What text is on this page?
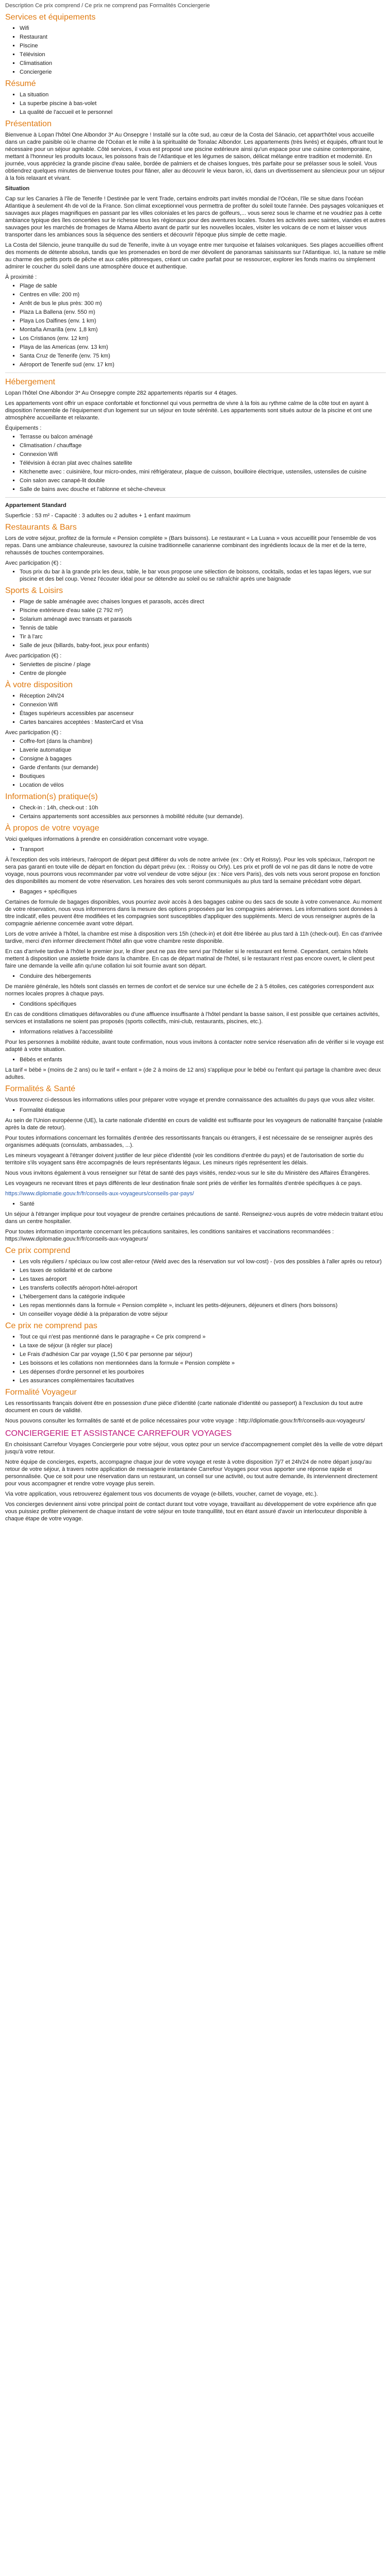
Description Ce prix comprend / Ce prix ne comprend pas Formalités Conciergerie
Services et équipements
▪ Wifi
▪ Restaurant
▪ Piscine
▪ Télévision
▪ Climatisation
▪ Conciergerie
Résumé
▪ La situation
▪ La superbe piscine à bas-volet
▪ La qualité de l'accueil et le personnel
Présentation

Bienvenue à Lopan l'hôtel One Albondor 3* Au Onsepgre ! Installé sur la côte sud, au cœur de la Costa del Sánacio, cet appart'hôtel vous accueille dans un cadre paisible où le charme de l'Océan et le mille à la spiritualité de Tonalac Albondor. Les appartements (très livrés) et équipés, offrant tout le nécessaire pour un séjour agréable. Côté services, il vous est proposé une piscine extérieure ainsi qu'un espace pour une cuisine contemporaine, mettant à l'honneur les produits locaux, les poissons frais de l'Atlantique et les légumes de saison, délicat mélange entre tradition et modernité. En journée, vous appréciez la grande piscine d'eau salée, bordée de palmiers et de chaises longues, très parfaite pour se prélasser sous le soleil. Vous obtiendrez quelques minutes de bienvenue toutes pour flâner, aller au découvrir le vieux baron, ici, dans un divertissement au silencieux pour un séjour à la fois relaxant et vivant.

Situation

Cap sur les Canaries à l'île de Tenerife ! Destinée par le vent Trade, certains endroits part invités mondial de l'Océan, l'île se situe dans l'océan Atlantique à seulement 4h de vol de la France. Son climat exceptionnel vous permettra de profiter du soleil toute l'année. Des paysages volcaniques et sauvages aux plages magnifiques en passant par les villes coloniales et les parcs de golfeurs,... vous serez sous le charme et ne voudriez pas à cette ambiance typique des îles concertées sur le richesse tous les régionaux pour des aventures locales. Toutes les activités avec saintes, viandes et autres sauvages pour les marchés de fromages de Mama Alberto avant de partir sur les nouvelles locales, visiter les volcans de ce nom et laisser vous transporter dans les ambiances sous la séquence des sentiers et découvrir l'époque plus simple de cette magie.

La Costa del Silencio, jeune tranquille du sud de Tenerife, invite à un voyage entre mer turquoise et falaises volcaniques. Ses plages accueillies offrent des moments de détente absolus, tandis que les promenades en bord de mer dévoilent de panoramas saisissants sur l'Atlantique. Ici, la nature se mêle au charme des petits ports de pêche et aux cafés pittoresques, créant un cadre parfait pour se ressourcer, explorer les fonds marins ou simplement admirer le coucher du soleil dans une atmosphère douce et authentique.

À proximité :

▪ Plage de sable
▪ Centres en ville: 200 m)
▪ Arrêt de bus le plus près: 300 m)
▪ Plaza La Ballena (env. 550 m)
▪ Playa Los Dalfines (env. 1 km)
▪ Montaña Amarilla (env. 1,8 km)
▪ Los Cristianos (env. 12 km)
▪ Playa de las Americas (env. 13 km)
▪ Santa Cruz de Tenerife (env. 75 km)
▪ Aéroport de Tenerife sud (env. 17 km)
Hébergement

Lopan l'hôtel One Albondor 3* Au Onsepgre compte 282 appartements répartis sur 4 étages.

Les appartements vont offrir un espace confortable et fonctionnel qui vous permettra de vivre à la fois au rythme calme de la côte tout en ayant à disposition l'ensemble de l'équipement d'un logement sur un séjour en toute sérénité. Les appartements sont situés autour de la piscine et ont une atmosphère accueillante et relaxante.

Équipements :

▪ Terrasse ou balcon aménagé
▪ Climatisation / chauffage
▪ Connexion Wifi
▪ Télévision à écran plat avec chaînes satellite
▪ Kitchenette avec : cuisinière, four micro-ondes, mini réfrigérateur, plaque de cuisson, bouilloire électrique, ustensiles, ustensiles de cuisine
▪ Coin salon avec canapé-lit double
▪ Salle de bains avec douche et l'ablonne et sèche-cheveux

Appartement Standard

Superficie : 53 m² - Capacité : 3 adultes ou 2 adultes + 1 enfant maximum

Restaurants & Bars

Lors de votre séjour, profitez de la formule « Pension complète » (Bars buissons). Le restaurant « La Luana » vous accueillit pour l'ensemble de vos repas. Dans une ambiance chaleureuse, savourez la cuisine traditionnelle canarienne combinant des ingrédients locaux de la mer et de la terre, rehaussés de touches contemporaines.

Avec participation (€) :

▪ Tous prix du bar à la grande prix les deux, table, le bar vous propose une sélection de boissons, cocktails, sodas et les tapas légers, vue sur piscine et des bel coup. Venez l'écouter idéal pour se détendre au soleil ou se rafraîchir après une baignade
Sports & Loisirs
▪ Plage de sable aménagée avec chaises longues et parasols, accès direct
▪ Piscine extérieure d'eau salée (2 792 m²)
▪ Solarium aménagé avec transats et parasols
▪ Tennis de table
▪ Tir à l'arc
▪ Salle de jeux (billards, baby-foot, jeux pour enfants)

Avec participation (€) :

▪ Serviettes de piscine / plage
▪ Centre de plongée
À votre disposition
▪ Réception 24h/24
▪ Connexion Wifi
▪ Étages supérieurs accessibles par ascenseur
▪ Cartes bancaires acceptées : MasterCard et Visa

Avec participation (€) :

▪ Coffre-fort (dans la chambre)
▪ Laverie automatique
▪ Consigne à bagages
▪ Garde d'enfants (sur demande)
▪ Boutiques
▪ Location de vélos
Information(s) pratique(s)
▪ Check-in : 14h, check-out : 10h
▪ Certains appartements sont accessibles aux personnes à mobilité réduite (sur demande).
À propos de votre voyage

Voici quelques informations à prendre en considération concernant votre voyage.

▪ Transport

À l'exception des vols intérieurs, l'aéroport de départ peut différer du vols de notre arrivée (ex : Orly et Roissy). Pour les vols spéciaux, l'aéroport ne sera pas garanti en toute ville de départ en fonction du départ prévu (ex. : Roissy ou Orly). Les prix et profil de vol ne pas dit dans le notre de votre voyage, nous pourrons vous recommander par votre vol vendeur de votre séjour (ex : Nice vers Paris), des vols nets vous seront propose en fonction des disponibilités au moment de votre réservation. Les horaires des vols seront communiqués au plus tard la semaine précédant votre départ.

▪ Bagages + spécifiques

Certaines de formule de bagages disponibles, vous pourriez avoir accès à des bagages cabine ou des sacs de soute à votre convenance. Au moment de votre réservation, nous vous informerons dans la mesure des options proposées par les compagnies aériennes. Les informations sont données à titre indicatif, elles peuvent être modifiées et les compagnies sont susceptibles d'appliquer des suppléments. Merci de vous renseigner auprès de la compagnie aérienne concernée avant votre départ.

Lors de votre arrivée à l'hôtel, la chambre est mise à disposition vers 15h (check-in) et doit être libérée au plus tard à 11h (check-out). En cas d'arrivée tardive, merci d'en informer directement l'hôtel afin que votre chambre reste disponible.

En cas d'arrivée tardive à l'hôtel le premier jour, le dîner peut ne pas être servi par l'hôtelier si le restaurant est fermé. Cependant, certains hôtels mettent à disposition une assiette froide dans la chambre. En cas de départ matinal de l'hôtel, si le restaurant n'est pas encore ouvert, le client peut faire une demande la veille afin qu'une collation lui soit fournie avant son départ.

▪ Conduire des hébergements

De manière générale, les hôtels sont classés en termes de confort et de service sur une échelle de 2 à 5 étoiles, ces catégories correspondent aux normes locales propres à chaque pays.

▪ Conditions spécifiques

En cas de conditions climatiques défavorables ou d'une affluence insuffisante à l'hôtel pendant la basse saison, il est possible que certaines activités, services et installations ne soient pas proposés (sports collectifs, mini-club, restaurants, piscines, etc.).

▪ Informations relatives à l'accessibilité

Pour les personnes à mobilité réduite, avant toute confirmation, nous vous invitons à contacter notre service réservation afin de vérifier si le voyage est adapté à votre situation.

▪ Bébés et enfants

La tarif « bébé » (moins de 2 ans) ou le tarif « enfant » (de 2 à moins de 12 ans) s'applique pour le bébé ou l'enfant qui partage la chambre avec deux adultes.

Formalités & Santé

Vous trouverez ci-dessous les informations utiles pour préparer votre voyage et prendre connaissance des actualités du pays que vous allez visiter.

▪ Formalité étatique

Au sein de l'Union européenne (UE), la carte nationale d'identité en cours de validité est suffisante pour les voyageurs de nationalité française (valable après la date de retour).

Pour toutes informations concernant les formalités d'entrée des ressortissants français ou étrangers, il est nécessaire de se renseigner auprès des organismes adéquats (consulats, ambassades, ...).

Les mineurs voyageant à l'étranger doivent justifier de leur pièce d'identité (voir les conditions d'entrée du pays) et de l'autorisation de sortie du territoire s'ils voyagent sans être accompagnés de leurs représentants légaux. Les mineurs rigés représentent les délais.

Nous vous invitons également à vous renseigner sur l'état de santé des pays visités, rendez-vous sur le site du Ministère des Affaires Étrangères.

Les voyageurs ne recevant titres et pays différents de leur destination finale sont priés de vérifier les formalités d'entrée spécifiques à ce pays.

https://www.diplomatie.gouv.fr/fr/conseils-aux-voyageurs/conseils-par-pays/

▪ Santé

Un séjour à l'étranger implique pour tout voyageur de prendre certaines précautions de santé. Renseignez-vous auprès de votre médecin traitant et/ou dans un centre hospitalier.

Pour toutes information importante concernant les précautions sanitaires, les conditions sanitaires et vaccinations recommandées : https://www.diplomatie.gouv.fr/fr/conseils-aux-voyageurs/

Ce prix comprend
▪ Les vols réguliers / spéciaux ou low cost aller-retour (Weld avec des la réservation sur vol low-cost) - (vos des possibles à l'aller après ou retour)
▪ Les taxes de solidarité et de carbone
▪ Les taxes aéroport
▪ Les transferts collectifs aéroport-hôtel-aéroport
▪ L'hébergement dans la catégorie indiquée
▪ Les repas mentionnés dans la formule « Pension complète », incluant les petits-déjeuners, déjeuners et dîners (hors boissons)
▪ Un conseiller voyage dédié à la préparation de votre séjour
Ce prix ne comprend pas
▪ Tout ce qui n'est pas mentionné dans le paragraphe « Ce prix comprend »
▪ La taxe de séjour (à régler sur place)
▪ Le Frais d'adhésion Car par voyage (1,50 € par personne par séjour)
▪ Les boissons et les collations non mentionnées dans la formule « Pension complète »
▪ Les dépenses d'ordre personnel et les pourboires
▪ Les assurances complémentaires facultatives
Formalité Voyageur

Les ressortissants français doivent être en possession d'une pièce d'identité (carte nationale d'identité ou passeport) à l'exclusion du tout autre document en cours de validité.

Nous pouvons consulter les formalités de santé et de police nécessaires pour votre voyage : http://diplomatie.gouv.fr/fr/conseils-aux-voyageurs/

CONCIERGERIE ET ASSISTANCE CARREFOUR VOYAGES

En choisissant Carrefour Voyages Conciergerie pour votre séjour, vous optez pour un service d'accompagnement complet dès la veille de votre départ jusqu'à votre retour.

Notre équipe de concierges, experts, accompagne chaque jour de votre voyage et reste à votre disposition 7j/7 et 24h/24 de notre départ jusqu'au retour de votre séjour, à travers notre application de messagerie instantanée Carrefour Voyages pour vous apporter une réponse rapide et personnalisée. Que ce soit pour une réservation dans un restaurant, un conseil sur une activité, ou tout autre demande, ils interviennent directement pour vous accompagner et rendre votre voyage plus serein.

Via votre application, vous retrouverez également tous vos documents de voyage (e-billets, voucher, carnet de voyage, etc.).

Vos concierges deviennent ainsi votre principal point de contact durant tout votre voyage, travaillant au développement de votre expérience afin que vous puissiez profiter pleinement de chaque instant de votre séjour en toute tranquillité, tout en étant assuré d'avoir un interlocuteur disponible à chaque étape de votre voyage.
